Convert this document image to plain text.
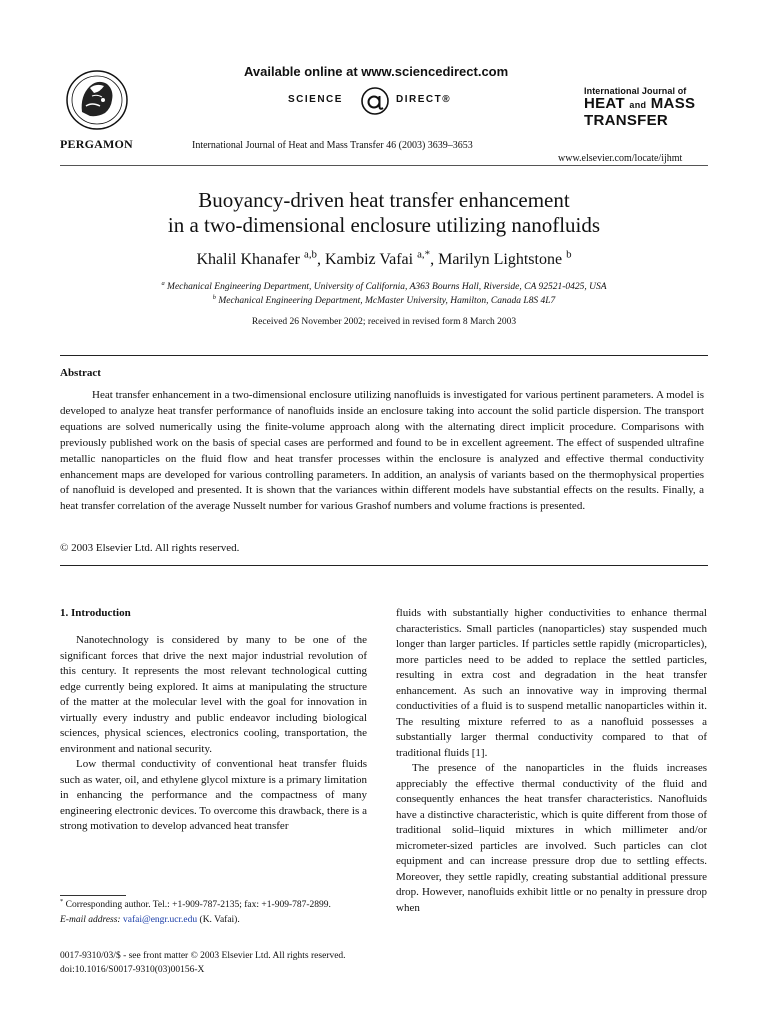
PERGAMON
Available online at www.sciencedirect.com
SCIENCE	DIRECT®
International Journal of Heat and Mass Transfer 46 (2003) 3639–3653
International Journal of
HEAT and MASS
TRANSFER
www.elsevier.com/locate/ijhmt
Buoyancy-driven heat transfer enhancement
in a two-dimensional enclosure utilizing nanofluids
Khalil Khanafer $^{a,b}$, Kambiz Vafai $^{a,*}$, Marilyn Lightstone $^b$
$^a$ Mechanical Engineering Department, University of California, A363 Bourns Hall, Riverside, CA 92521-0425, USA
$^b$ Mechanical Engineering Department, McMaster University, Hamilton, Canada L8S 4L7
Received 26 November 2002; received in revised form 8 March 2003
Abstract

Heat transfer enhancement in a two-dimensional enclosure utilizing nanofluids is investigated for various pertinent parameters. A model is developed to analyze heat transfer performance of nanofluids inside an enclosure taking into account the solid particle dispersion. The transport equations are solved numerically using the finite-volume approach along with the alternating direct implicit procedure. Comparisons with previously published work on the basis of special cases are performed and found to be in excellent agreement. The effect of suspended ultrafine metallic nanoparticles on the fluid flow and heat transfer processes within the enclosure is analyzed and effective thermal conductivity enhancement maps are developed for various controlling parameters. In addition, an analysis of variants based on the thermophysical properties of nanofluid is developed and presented. It is shown that the variances within different models have substantial effects on the results. Finally, a heat transfer correlation of the average Nusselt number for various Grashof numbers and volume fractions is presented.

© 2003 Elsevier Ltd. All rights reserved.
1. Introduction

Nanotechnology is considered by many to be one of the significant forces that drive the next major industrial revolution of this century. It represents the most relevant technological cutting edge currently being explored. It aims at manipulating the structure of the matter at the molecular level with the goal for innovation in virtually every industry and public endeavor including biological sciences, physical sciences, electronics cooling, transportation, the environment and national security.

Low thermal conductivity of conventional heat transfer fluids such as water, oil, and ethylene glycol mixture is a primary limitation in enhancing the performance and the compactness of many engineering electronic devices. To overcome this drawback, there is a strong motivation to develop advanced heat transfer

fluids with substantially higher conductivities to enhance thermal characteristics. Small particles (nanoparticles) stay suspended much longer than larger particles. If particles settle rapidly (microparticles), more particles need to be added to replace the settled particles, resulting in extra cost and degradation in the heat transfer enhancement. As such an innovative way in improving thermal conductivities of a fluid is to suspend metallic nanoparticles within it. The resulting mixture referred to as a nanofluid possesses a substantially larger thermal conductivity compared to that of traditional fluids [1].

The presence of the nanoparticles in the fluids increases appreciably the effective thermal conductivity of the fluid and consequently enhances the heat transfer characteristics. Nanofluids have a distinctive characteristic, which is quite different from those of traditional solid–liquid mixtures in which millimeter and/or micrometer-sized particles are involved. Such particles can clot equipment and can increase pressure drop due to settling effects. Moreover, they settle rapidly, creating substantial additional pressure drop. However, nanofluids exhibit little or no penalty in pressure drop when

* Corresponding author. Tel.: +1-909-787-2135; fax: +1-909-787-2899.
E-mail address: vafai@engr.ucr.edu (K. Vafai).
0017-9310/03/$ - see front matter © 2003 Elsevier Ltd. All rights reserved.
doi:10.1016/S0017-9310(03)00156-X
